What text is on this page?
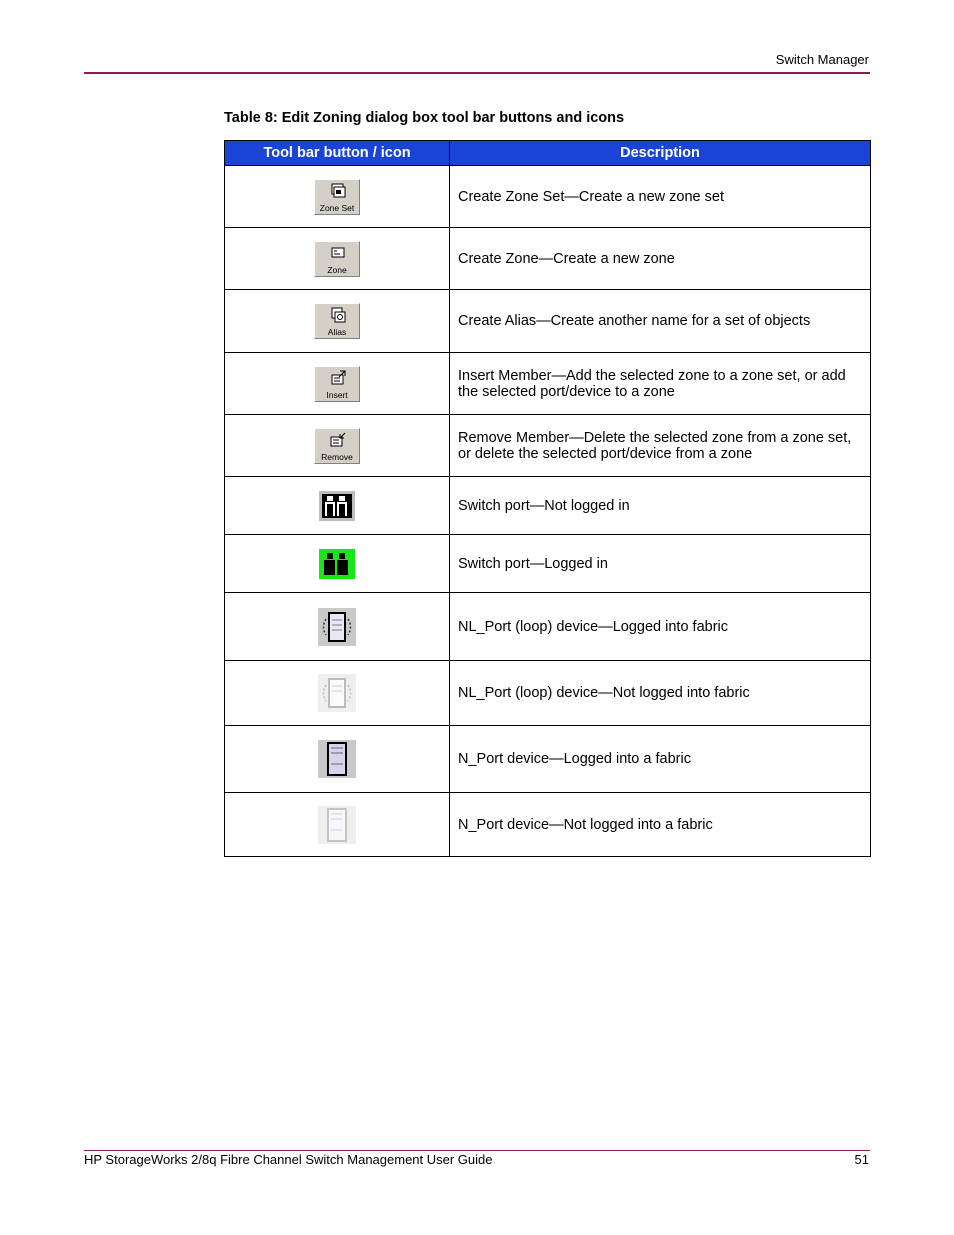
Switch Manager
Table 8: Edit Zoning dialog box tool bar buttons and icons
Tool bar button / icon	Description

Zone Set	Create Zone Set—Create a new zone set

Zone	Create Zone—Create a new zone

Alias	Create Alias—Create another name for a set of objects

Insert	Insert Member—Add the selected zone to a zone set, or add the selected port/device to a zone

Remove	Remove Member—Delete the selected zone from a zone set, or delete the selected port/device from a zone
	Switch port—Not logged in
	Switch port—Logged in
	NL_Port (loop) device—Logged into fabric
	NL_Port (loop) device—Not logged into fabric
	N_Port device—Logged into a fabric
	N_Port device—Not logged into a fabric
HP StorageWorks 2/8q Fibre Channel Switch Management User Guide	51
